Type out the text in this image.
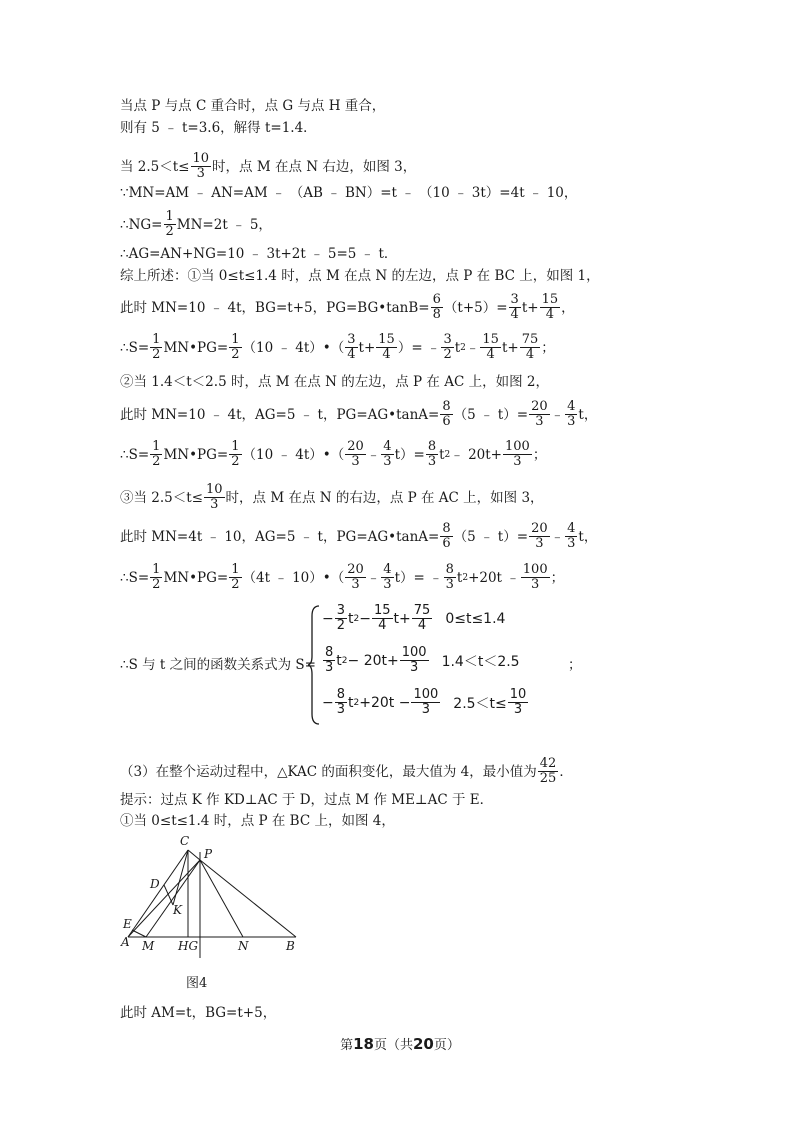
当点 P 与点 C 重合时，点 G 与点 H 重合，
则有 5 ﹣ t=3.6，解得 t=1.4．
当 $2.5<t\le \frac{10}{3}$ 时，点 M 在点 N 右边，如图 3，
∵MN=AM ﹣ AN=AM ﹣ （AB ﹣ BN）=t ﹣ （10 ﹣ 3t）=4t ﹣ 10，
∴NG= $\frac{1}{2} MN=2t$ ﹣ 5，
∴AG=AN+NG=10 ﹣ 3t+2t ﹣ 5=5 ﹣ t．
综上所述：①当 0≤t≤1.4 时，点 M 在点 N 的左边，点 P 在 BC 上，如图 1，
此时 MN=10 ﹣ 4t，BG=t+5，PG=BG•tanB= $\frac{6}{8} (t+5)= \frac{3}{4} t+ \frac{15}{4}$ ，
∴S= $\frac{1}{2}$ MN•PG= $\frac{1}{2} (10$ ﹣ 4t）•（ $\frac{3}{4} t+ \frac{15}{4}$ ）= ﹣ $\frac{3}{2}$ t 2 ﹣ $\frac{15}{4} t+ \frac{75}{4}$ ；
②当 1.4＜t＜2.5 时，点 M 在点 N 的左边，点 P 在 AC 上，如图 2，
此时 MN=10 ﹣ 4t，AG=5 ﹣ t，PG=AG•tanA= $\frac{8}{6} (5$ ﹣ $t)= \frac{20}{3}$ ﹣ $\frac{4}{3}$ t，
∴S= $\frac{1}{2}$ MN•PG= $\frac{1}{2} (10$ ﹣ 4t）•（ $\frac{20}{3}$ ﹣ $\frac{4}{3} t)= \frac{8}{3}$ t 2 ﹣ $20t+ \frac{100}{3}$ ；
③当 $2.5<t\le \frac{10}{3}$ 时，点 M 在点 N 的右边，点 P 在 AC 上，如图 3，
此时 MN=4t ﹣ 10，AG=5 ﹣ t，PG=AG•tanA= $\frac{8}{6} (5$ ﹣ $t)= \frac{20}{3}$ ﹣ $\frac{4}{3}$ t，
∴S= $\frac{1}{2}$ MN•PG= $\frac{1}{2} (4t$ ﹣ 10）•（ $\frac{20}{3}$ ﹣ $\frac{4}{3} t)=$ ﹣ $\frac{8}{3}$ t 2 +20t ﹣ $\frac{100}{3}$ ；
∴S 与 t 之间的函数关系式为 S=
− $\frac{3}{2}$ t $2 - \frac{15}{4} t+ \frac{75}{4} 0\le t\le 1.4$
$\frac{8}{3}$ t $2 - 20t+ \frac{100}{3} 1.4<t<2.5$
− $\frac{8}{3}$ t $2 +20t - \frac{100}{3} 2.5<t\le \frac{10}{3}$
；
（3）在整个运动过程中，△KAC 的面积变化，最大值为 4，最小值为 $\frac{42}{25}$ ．
提示：过点 K 作 KD⊥AC 于 D，过点 M 作 ME⊥AC 于 E．
①当 0≤t≤1.4 时，点 P 在 BC 上，如图 4，
C
P
D
K
E
A M HG	N	B
图4
此时 AM=t，BG=t+5，
第18页（共20页）
